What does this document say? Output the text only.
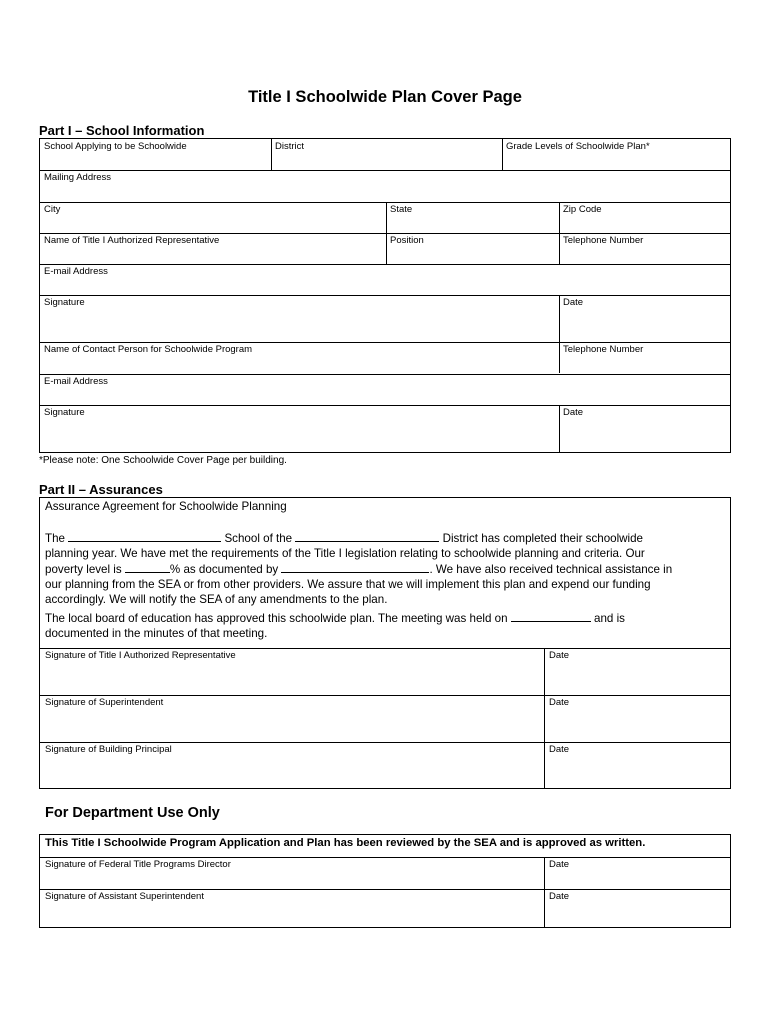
Title I Schoolwide Plan Cover Page
Part I – School Information
School Applying to be Schoolwide	District	Grade Levels of Schoolwide Plan*
Mailing Address
City	State	Zip Code
Name of Title I Authorized Representative	Position	Telephone Number
E-mail Address
Signature	Date
Name of Contact Person for Schoolwide Program	Telephone Number
E-mail Address
Signature	Date
*Please note: One Schoolwide Cover Page per building.
Part II – Assurances
Assurance Agreement for Schoolwide Planning
The	School of the	District has completed their schoolwide
planning year. We have met the requirements of the Title I legislation relating to schoolwide planning and criteria. Our
poverty level is	% as documented by	. We have also received technical assistance in
our planning from the SEA or from other providers. We assure that we will implement this plan and expend our funding
accordingly. We will notify the SEA of any amendments to the plan.
The local board of education has approved this schoolwide plan. The meeting was held on	and is
documented in the minutes of that meeting.
Signature of Title I Authorized Representative	Date
Signature of Superintendent	Date
Signature of Building Principal	Date
For Department Use Only
This Title I Schoolwide Program Application and Plan has been reviewed by the SEA and is approved as written.
Signature of Federal Title Programs Director	Date
Signature of Assistant Superintendent	Date
